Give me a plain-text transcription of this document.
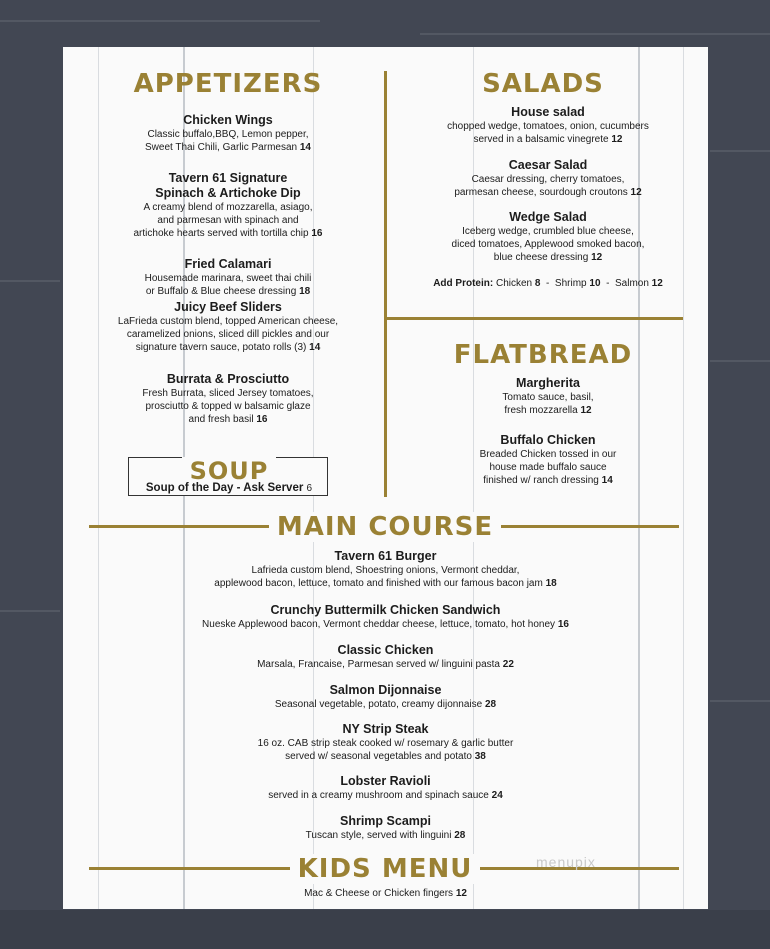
APPETIZERS
Chicken Wings
Classic buffalo,BBQ, Lemon pepper,
Sweet Thai Chili, Garlic Parmesan 14
Tavern 61 Signature
Spinach & Artichoke Dip
A creamy blend of mozzarella, asiago,
and parmesan with spinach and
artichoke hearts served with tortilla chip 16
Fried Calamari
Housemade marinara, sweet thai chili
or Buffalo & Blue cheese dressing 18
Juicy Beef Sliders
LaFrieda custom blend, topped American cheese,
caramelized onions, sliced dill pickles and our
signature tavern sauce, potato rolls (3) 14
Burrata & Prosciutto
Fresh Burrata, sliced Jersey tomatoes,
prosciutto & topped w balsamic glaze
and fresh basil 16
SOUP
Soup of the Day - Ask Server 6
SALADS
House salad
chopped wedge, tomatoes, onion, cucumbers
served in a balsamic vinegrete 12
Caesar Salad
Caesar dressing, cherry tomatoes,
parmesan cheese, sourdough croutons 12
Wedge Salad
Iceberg wedge, crumbled blue cheese,
diced tomatoes, Applewood smoked bacon,
blue cheese dressing 12
Add Protein: Chicken 8 - Shrimp 10 - Salmon 12
FLATBREAD
Margherita
Tomato sauce, basil,
fresh mozzarella 12
Buffalo Chicken
Breaded Chicken tossed in our
house made buffalo sauce
finished w/ ranch dressing 14
MAIN COURSE
Tavern 61 Burger
Lafrieda custom blend, Shoestring onions, Vermont cheddar,
applewood bacon, lettuce, tomato and finished with our famous bacon jam 18
Crunchy Buttermilk Chicken Sandwich
Nueske Applewood bacon, Vermont cheddar cheese, lettuce, tomato, hot honey 16
Classic Chicken
Marsala, Francaise, Parmesan served w/ linguini pasta 22
Salmon Dijonnaise
Seasonal vegetable, potato, creamy dijonnaise 28
NY Strip Steak
16 oz. CAB strip steak cooked w/ rosemary & garlic butter
served w/ seasonal vegetables and potato 38
Lobster Ravioli
served in a creamy mushroom and spinach sauce 24
Shrimp Scampi
Tuscan style, served with linguini 28
KIDS MENU
Mac & Cheese or Chicken fingers 12
menupix
